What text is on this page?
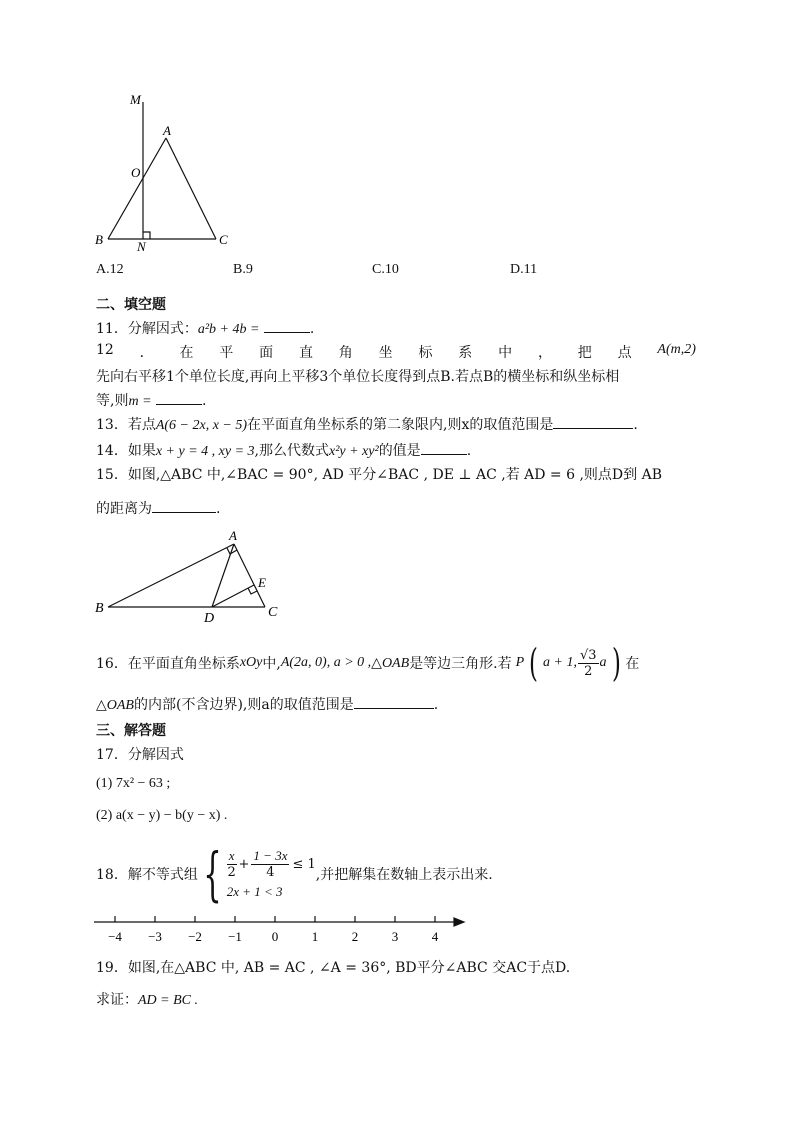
M
A
O
B	N	C
A.12	B.9	C.10	D.11
二、填空题
11．分解因式：a²b + 4b =	.
12 ． 在 平 面 直 角 坐 标 系 中 ， 把 点 A(m,2)
先向右平移1个单位长度,再向上平移3个单位长度得到点B.若点B的横坐标和纵坐标相
等,则m =	.
13．若点A(6 − 2x, x − 5)在平面直角坐标系的第二象限内,则x的取值范围是	.
14．如果x + y = 4 , xy = 3,那么代数式x²y + xy²的值是	.
15．如图,△ABC 中,∠BAC = 90°, AD 平分∠BAC , DE ⊥ AC ,若 AD = 6 ,则点D到 AB
的距离为	.
A
E
B
D	C
16．在平面直角坐标系 xOy 中, A(2a, 0) , a > 0 , △OAB 是等边三角形.若 P ( a + 1, $\frac{√3}{2}$ a ) 在
△OAB的内部(不含边界),则a的取值范围是	.
三、解答题
17．分解因式
(1) 7x² − 63 ;
(2) a(x − y) − b(y − x) .
18．解不等式组 { $\frac{x}{2} + \frac{1 - 3x}{4} \le 1$
2x + 1 < 3
,并把解集在数轴上表示出来.
−4 −3 −2 −1 0	1	2	3	4
19．如图,在△ABC 中, AB = AC , ∠A = 36°, BD平分∠ABC 交AC于点D.
求证：AD = BC .
